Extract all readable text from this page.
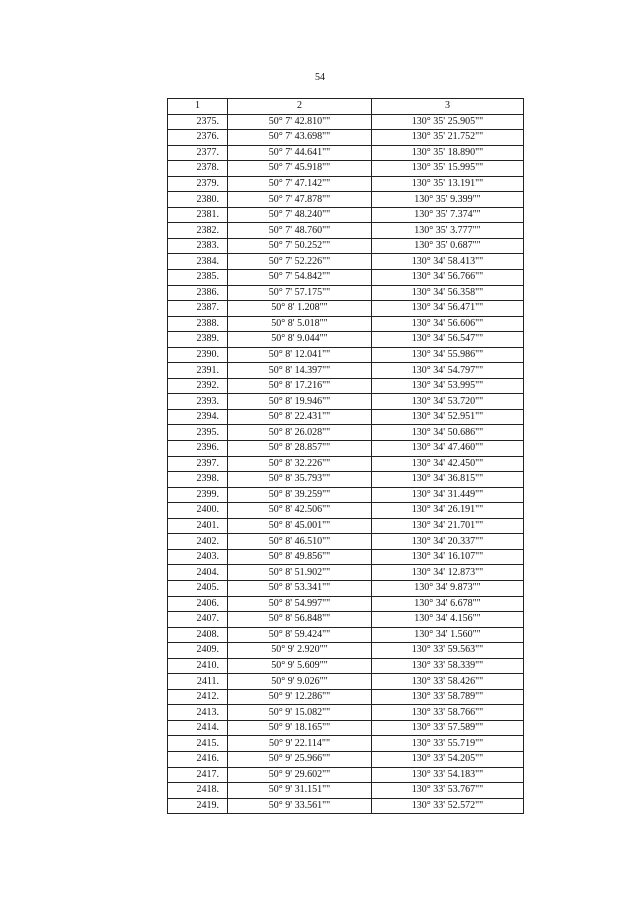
54
1	2	3
2375.	50° 7' 42.810""	130° 35' 25.905""
2376.	50° 7' 43.698""	130° 35' 21.752""
2377.	50° 7' 44.641""	130° 35' 18.890""
2378.	50° 7' 45.918""	130° 35' 15.995""
2379.	50° 7' 47.142""	130° 35' 13.191""
2380.	50° 7' 47.878""	130° 35' 9.399""
2381.	50° 7' 48.240""	130° 35' 7.374""
2382.	50° 7' 48.760""	130° 35' 3.777""
2383.	50° 7' 50.252""	130° 35' 0.687""
2384.	50° 7' 52.226""	130° 34' 58.413""
2385.	50° 7' 54.842""	130° 34' 56.766""
2386.	50° 7' 57.175""	130° 34' 56.358""
2387.	50° 8' 1.208""	130° 34' 56.471""
2388.	50° 8' 5.018""	130° 34' 56.606""
2389.	50° 8' 9.044""	130° 34' 56.547""
2390.	50° 8' 12.041""	130° 34' 55.986""
2391.	50° 8' 14.397""	130° 34' 54.797""
2392.	50° 8' 17.216""	130° 34' 53.995""
2393.	50° 8' 19.946""	130° 34' 53.720""
2394.	50° 8' 22.431""	130° 34' 52.951""
2395.	50° 8' 26.028""	130° 34' 50.686""
2396.	50° 8' 28.857""	130° 34' 47.460""
2397.	50° 8' 32.226""	130° 34' 42.450""
2398.	50° 8' 35.793""	130° 34' 36.815""
2399.	50° 8' 39.259""	130° 34' 31.449""
2400.	50° 8' 42.506""	130° 34' 26.191""
2401.	50° 8' 45.001""	130° 34' 21.701""
2402.	50° 8' 46.510""	130° 34' 20.337""
2403.	50° 8' 49.856""	130° 34' 16.107""
2404.	50° 8' 51.902""	130° 34' 12.873""
2405.	50° 8' 53.341""	130° 34' 9.873""
2406.	50° 8' 54.997""	130° 34' 6.678""
2407.	50° 8' 56.848""	130° 34' 4.156""
2408.	50° 8' 59.424""	130° 34' 1.560""
2409.	50° 9' 2.920""	130° 33' 59.563""
2410.	50° 9' 5.609""	130° 33' 58.339""
2411.	50° 9' 9.026""	130° 33' 58.426""
2412.	50° 9' 12.286""	130° 33' 58.789""
2413.	50° 9' 15.082""	130° 33' 58.766""
2414.	50° 9' 18.165""	130° 33' 57.589""
2415.	50° 9' 22.114""	130° 33' 55.719""
2416.	50° 9' 25.966""	130° 33' 54.205""
2417.	50° 9' 29.602""	130° 33' 54.183""
2418.	50° 9' 31.151""	130° 33' 53.767""
2419.	50° 9' 33.561""	130° 33' 52.572""
